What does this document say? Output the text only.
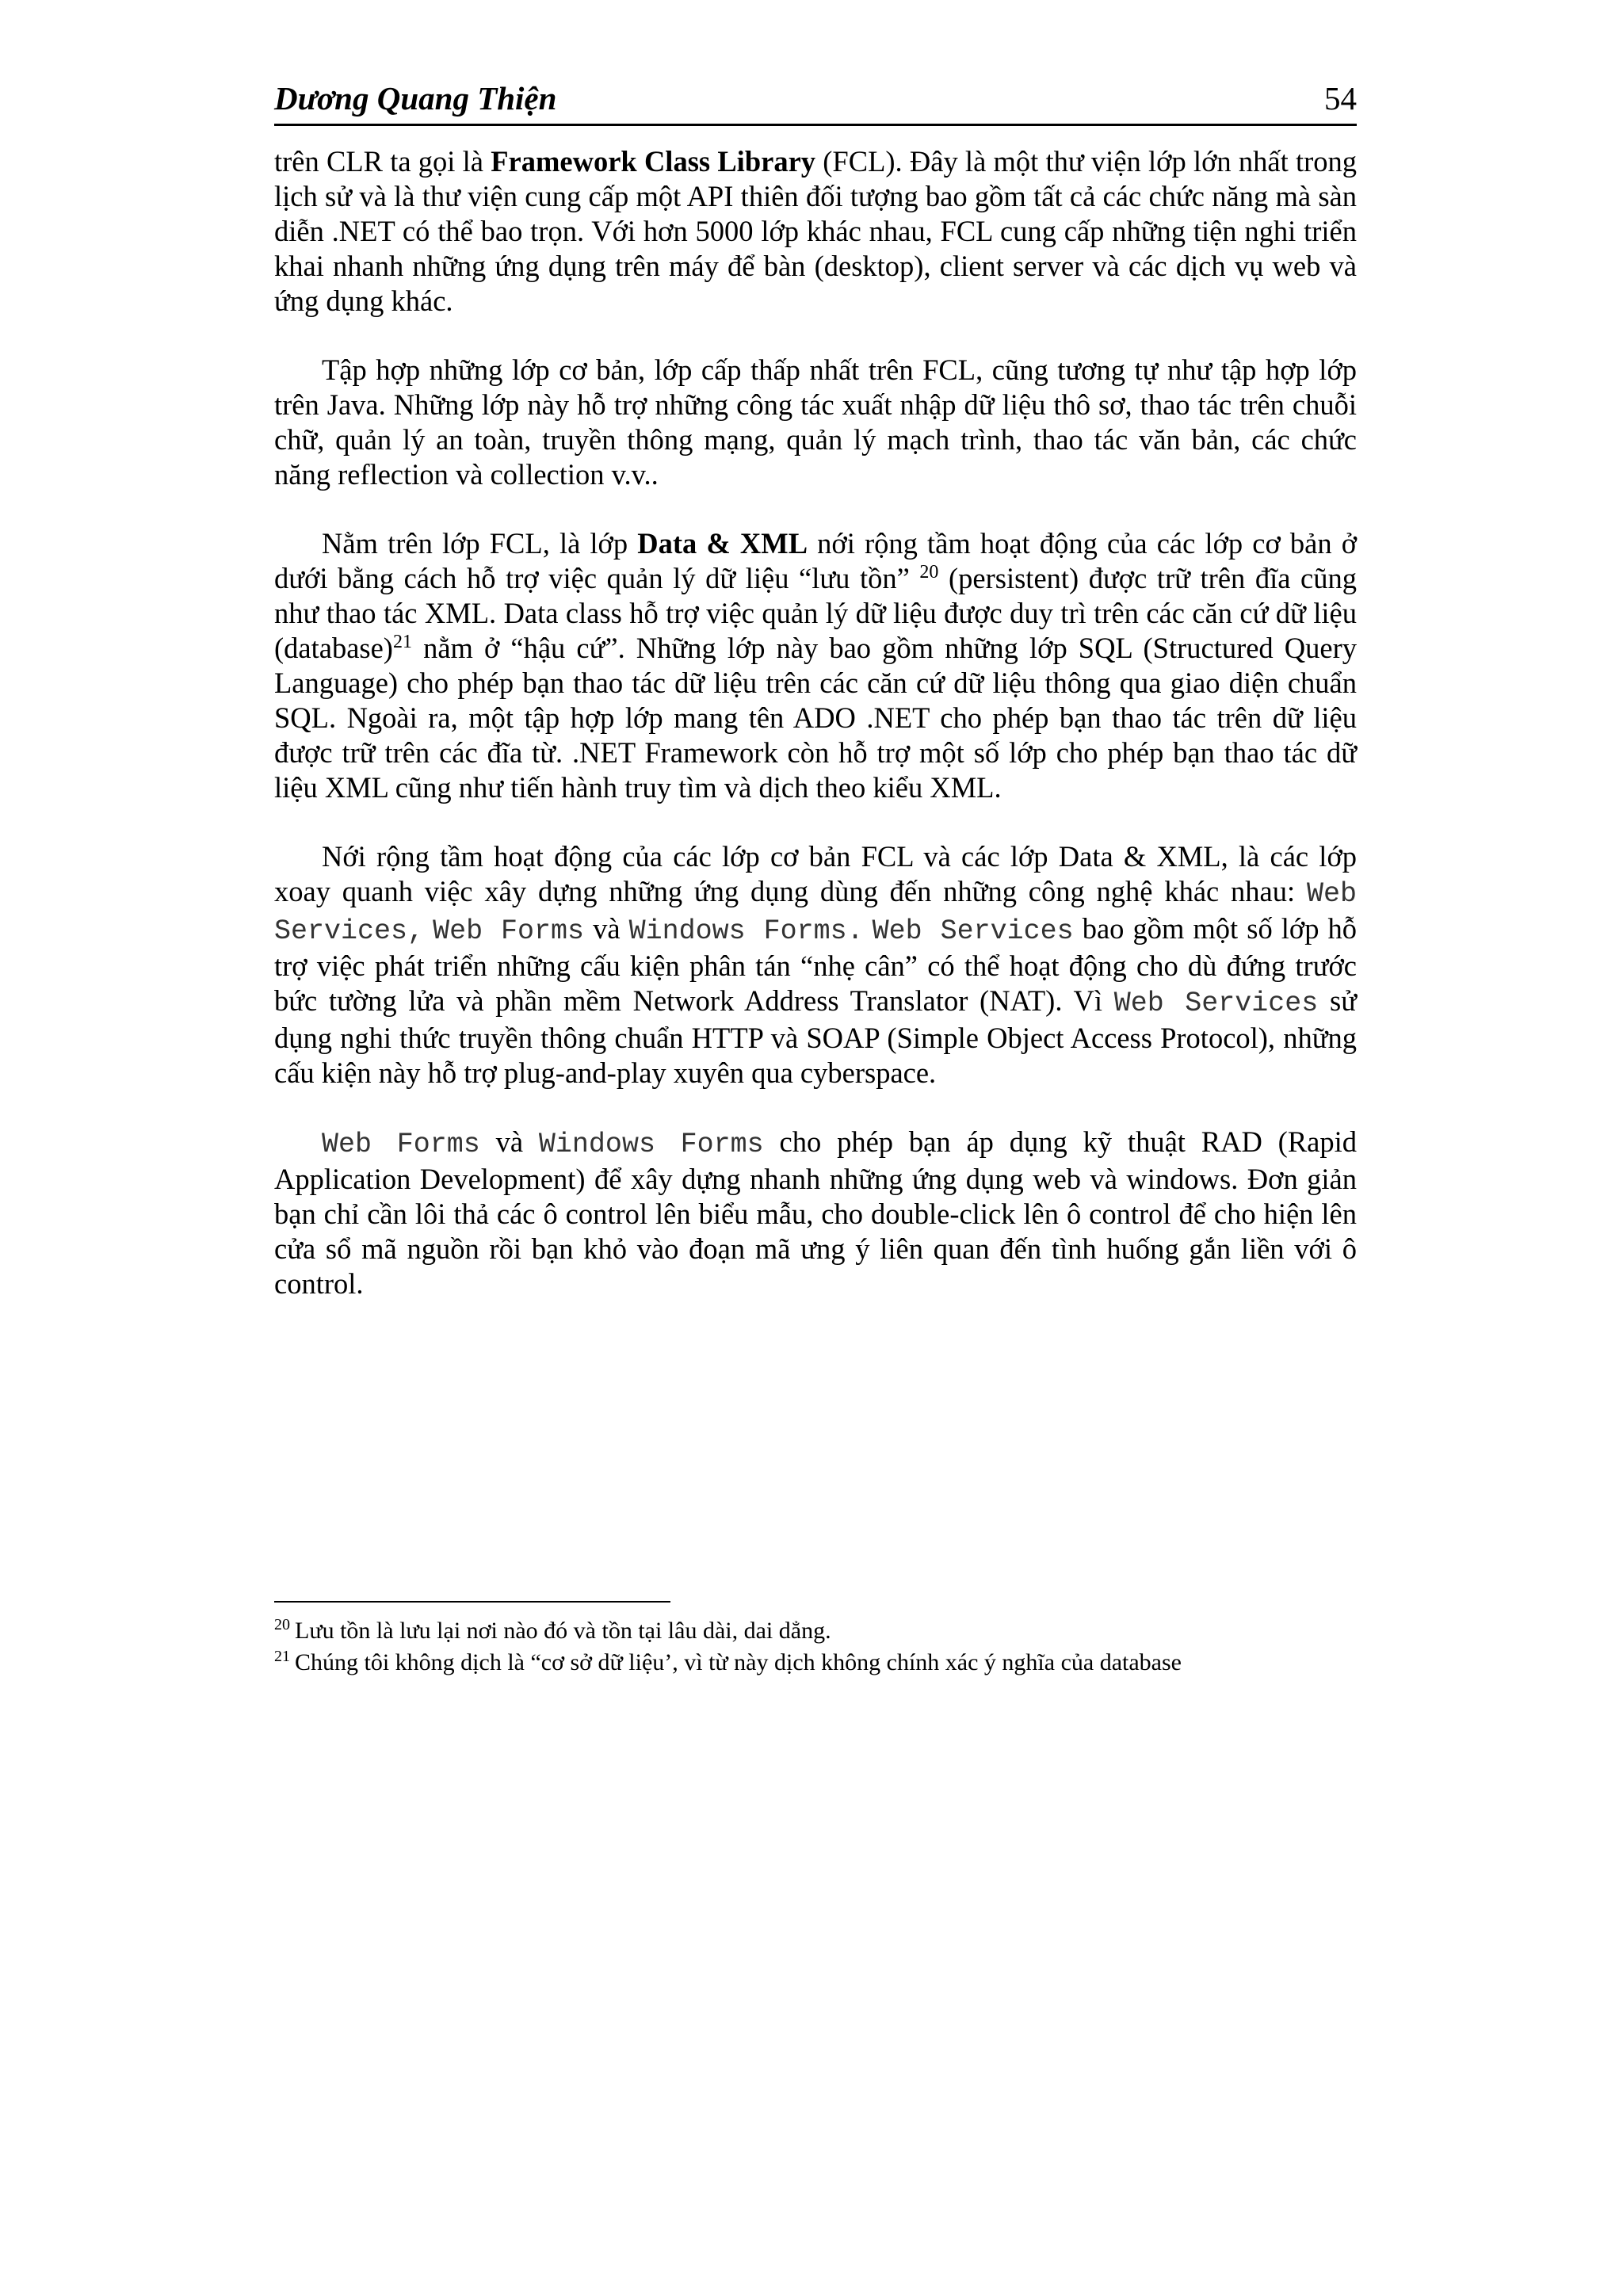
Dương Quang Thiện	54

trên CLR ta gọi là Framework Class Library (FCL). Đây là một thư viện lớp lớn nhất trong lịch sử và là thư viện cung cấp một API thiên đối tượng bao gồm tất cả các chức năng mà sàn diễn .NET có thể bao trọn. Với hơn 5000 lớp khác nhau, FCL cung cấp những tiện nghi triển khai nhanh những ứng dụng trên máy để bàn (desktop), client server và các dịch vụ web và ứng dụng khác.

Tập hợp những lớp cơ bản, lớp cấp thấp nhất trên FCL, cũng tương tự như tập hợp lớp trên Java. Những lớp này hỗ trợ những công tác xuất nhập dữ liệu thô sơ, thao tác trên chuỗi chữ, quản lý an toàn, truyền thông mạng, quản lý mạch trình, thao tác văn bản, các chức năng reflection và collection v.v..

Nằm trên lớp FCL, là lớp Data & XML nới rộng tầm hoạt động của các lớp cơ bản ở dưới bằng cách hỗ trợ việc quản lý dữ liệu “lưu tồn” $^{20}$ (persistent) được trữ trên đĩa cũng như thao tác XML. Data class hỗ trợ việc quản lý dữ liệu được duy trì trên các căn cứ dữ liệu (database)$^{21}$ nằm ở “hậu cứ”. Những lớp này bao gồm những lớp SQL (Structured Query Language) cho phép bạn thao tác dữ liệu trên các căn cứ dữ liệu thông qua giao diện chuẩn SQL. Ngoài ra, một tập hợp lớp mang tên ADO .NET cho phép bạn thao tác trên dữ liệu được trữ trên các đĩa từ. .NET Framework còn hỗ trợ một số lớp cho phép bạn thao tác dữ liệu XML cũng như tiến hành truy tìm và dịch theo kiểu XML.

Nới rộng tầm hoạt động của các lớp cơ bản FCL và các lớp Data & XML, là các lớp xoay quanh việc xây dựng những ứng dụng dùng đến những công nghệ khác nhau: Web Services, Web Forms và Windows Forms. Web Services bao gồm một số lớp hỗ trợ việc phát triển những cấu kiện phân tán “nhẹ cân” có thể hoạt động cho dù đứng trước bức tường lửa và phần mềm Network Address Translator (NAT). Vì Web Services sử dụng nghi thức truyền thông chuẩn HTTP và SOAP (Simple Object Access Protocol), những cấu kiện này hỗ trợ plug-and-play xuyên qua cyberspace.

Web Forms và Windows Forms cho phép bạn áp dụng kỹ thuật RAD (Rapid Application Development) để xây dựng nhanh những ứng dụng web và windows. Đơn giản bạn chỉ cần lôi thả các ô control lên biểu mẫu, cho double-click lên ô control để cho hiện lên cửa sổ mã nguồn rồi bạn khỏ vào đoạn mã ưng ý liên quan đến tình huống gắn liền với ô control.

$^{20}$ Lưu tồn là lưu lại nơi nào đó và tồn tại lâu dài, dai dẳng.
$^{21}$ Chúng tôi không dịch là “cơ sở dữ liệu’, vì từ này dịch không chính xác ý nghĩa của database
